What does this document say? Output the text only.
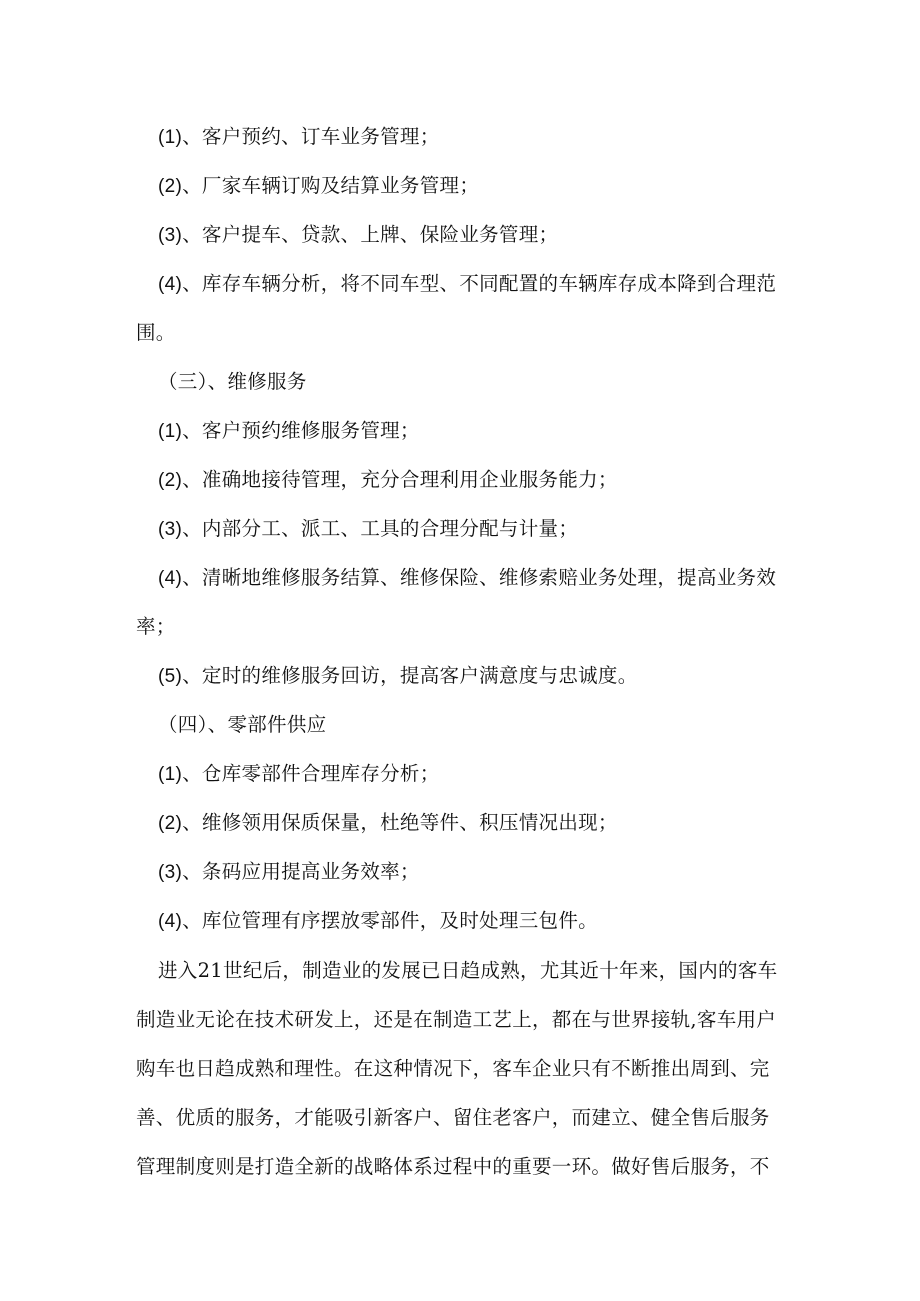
(1)、客户预约、订车业务管理；
(2)、厂家车辆订购及结算业务管理；
(3)、客户提车、贷款、上牌、保险业务管理；
(4)、库存车辆分析，将不同车型、不同配置的车辆库存成本降到合理范
围。
（三）、维修服务
(1)、客户预约维修服务管理；
(2)、准确地接待管理，充分合理利用企业服务能力；
(3)、内部分工、派工、工具的合理分配与计量；
(4)、清晰地维修服务结算、维修保险、维修索赔业务处理，提高业务效
率；
(5)、定时的维修服务回访，提高客户满意度与忠诚度。
（四）、零部件供应
(1)、仓库零部件合理库存分析；
(2)、维修领用保质保量，杜绝等件、积压情况出现；
(3)、条码应用提高业务效率；
(4)、库位管理有序摆放零部件，及时处理三包件。

进入21世纪后，制造业的发展已日趋成熟，尤其近十年来，国内的客车

制造业无论在技术研发上，还是在制造工艺上，都在与世界接轨,客车用户

购车也日趋成熟和理性。在这种情况下，客车企业只有不断推出周到、完

善、优质的服务，才能吸引新客户、留住老客户，而建立、健全售后服务

管理制度则是打造全新的战略体系过程中的重要一环。做好售后服务，不
